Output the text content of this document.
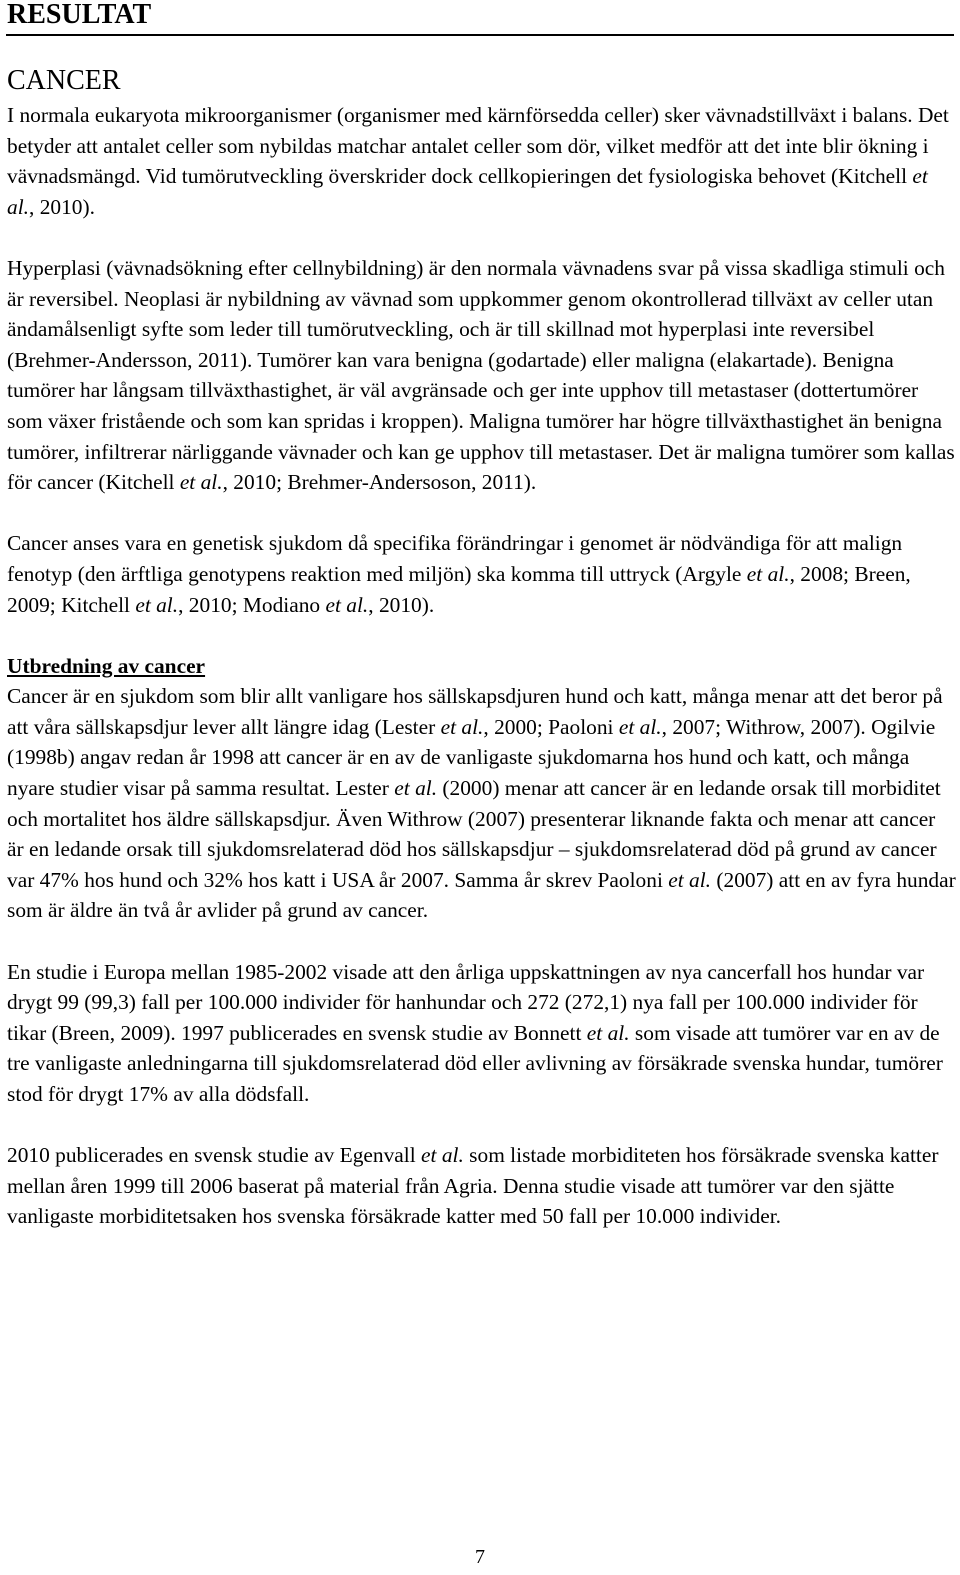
RESULTAT
CANCER

I normala eukaryota mikroorganismer (organismer med kärnförsedda celler) sker vävnadstillväxt i balans. Det betyder att antalet celler som nybildas matchar antalet celler som dör, vilket medför att det inte blir ökning i vävnadsmängd. Vid tumörutveckling överskrider dock cellkopieringen det fysiologiska behovet (Kitchell et al., 2010).

Hyperplasi (vävnadsökning efter cellnybildning) är den normala vävnadens svar på vissa skadliga stimuli och är reversibel. Neoplasi är nybildning av vävnad som uppkommer genom okontrollerad tillväxt av celler utan ändamålsenligt syfte som leder till tumörutveckling, och är till skillnad mot hyperplasi inte reversibel (Brehmer-Andersson, 2011). Tumörer kan vara benigna (godartade) eller maligna (elakartade). Benigna tumörer har långsam tillväxthastighet, är väl avgränsade och ger inte upphov till metastaser (dottertumörer som växer fristående och som kan spridas i kroppen). Maligna tumörer har högre tillväxthastighet än benigna tumörer, infiltrerar närliggande vävnader och kan ge upphov till metastaser. Det är maligna tumörer som kallas för cancer (Kitchell et al., 2010; Brehmer-Andersoson, 2011).

Cancer anses vara en genetisk sjukdom då specifika förändringar i genomet är nödvändiga för att malign fenotyp (den ärftliga genotypens reaktion med miljön) ska komma till uttryck (Argyle et al., 2008; Breen, 2009; Kitchell et al., 2010; Modiano et al., 2010).

Utbredning av cancer
Cancer är en sjukdom som blir allt vanligare hos sällskapsdjuren hund och katt, många menar att det beror på att våra sällskapsdjur lever allt längre idag (Lester et al., 2000; Paoloni et al., 2007; Withrow, 2007). Ogilvie (1998b) angav redan år 1998 att cancer är en av de vanligaste sjukdomarna hos hund och katt, och många nyare studier visar på samma resultat. Lester et al. (2000) menar att cancer är en ledande orsak till morbiditet och mortalitet hos äldre sällskapsdjur. Även Withrow (2007) presenterar liknande fakta och menar att cancer är en ledande orsak till sjukdomsrelaterad död hos sällskapsdjur – sjukdomsrelaterad död på grund av cancer var 47% hos hund och 32% hos katt i USA år 2007. Samma år skrev Paoloni et al. (2007) att en av fyra hundar som är äldre än två år avlider på grund av cancer.

En studie i Europa mellan 1985-2002 visade att den årliga uppskattningen av nya cancerfall hos hundar var drygt 99 (99,3) fall per 100.000 individer för hanhundar och 272 (272,1) nya fall per 100.000 individer för tikar (Breen, 2009). 1997 publicerades en svensk studie av Bonnett et al. som visade att tumörer var en av de tre vanligaste anledningarna till sjukdomsrelaterad död eller avlivning av försäkrade svenska hundar, tumörer stod för drygt 17% av alla dödsfall.

2010 publicerades en svensk studie av Egenvall et al. som listade morbiditeten hos försäkrade svenska katter mellan åren 1999 till 2006 baserat på material från Agria. Denna studie visade att tumörer var den sjätte vanligaste morbiditetsaken hos svenska försäkrade katter med 50 fall per 10.000 individer.

7
